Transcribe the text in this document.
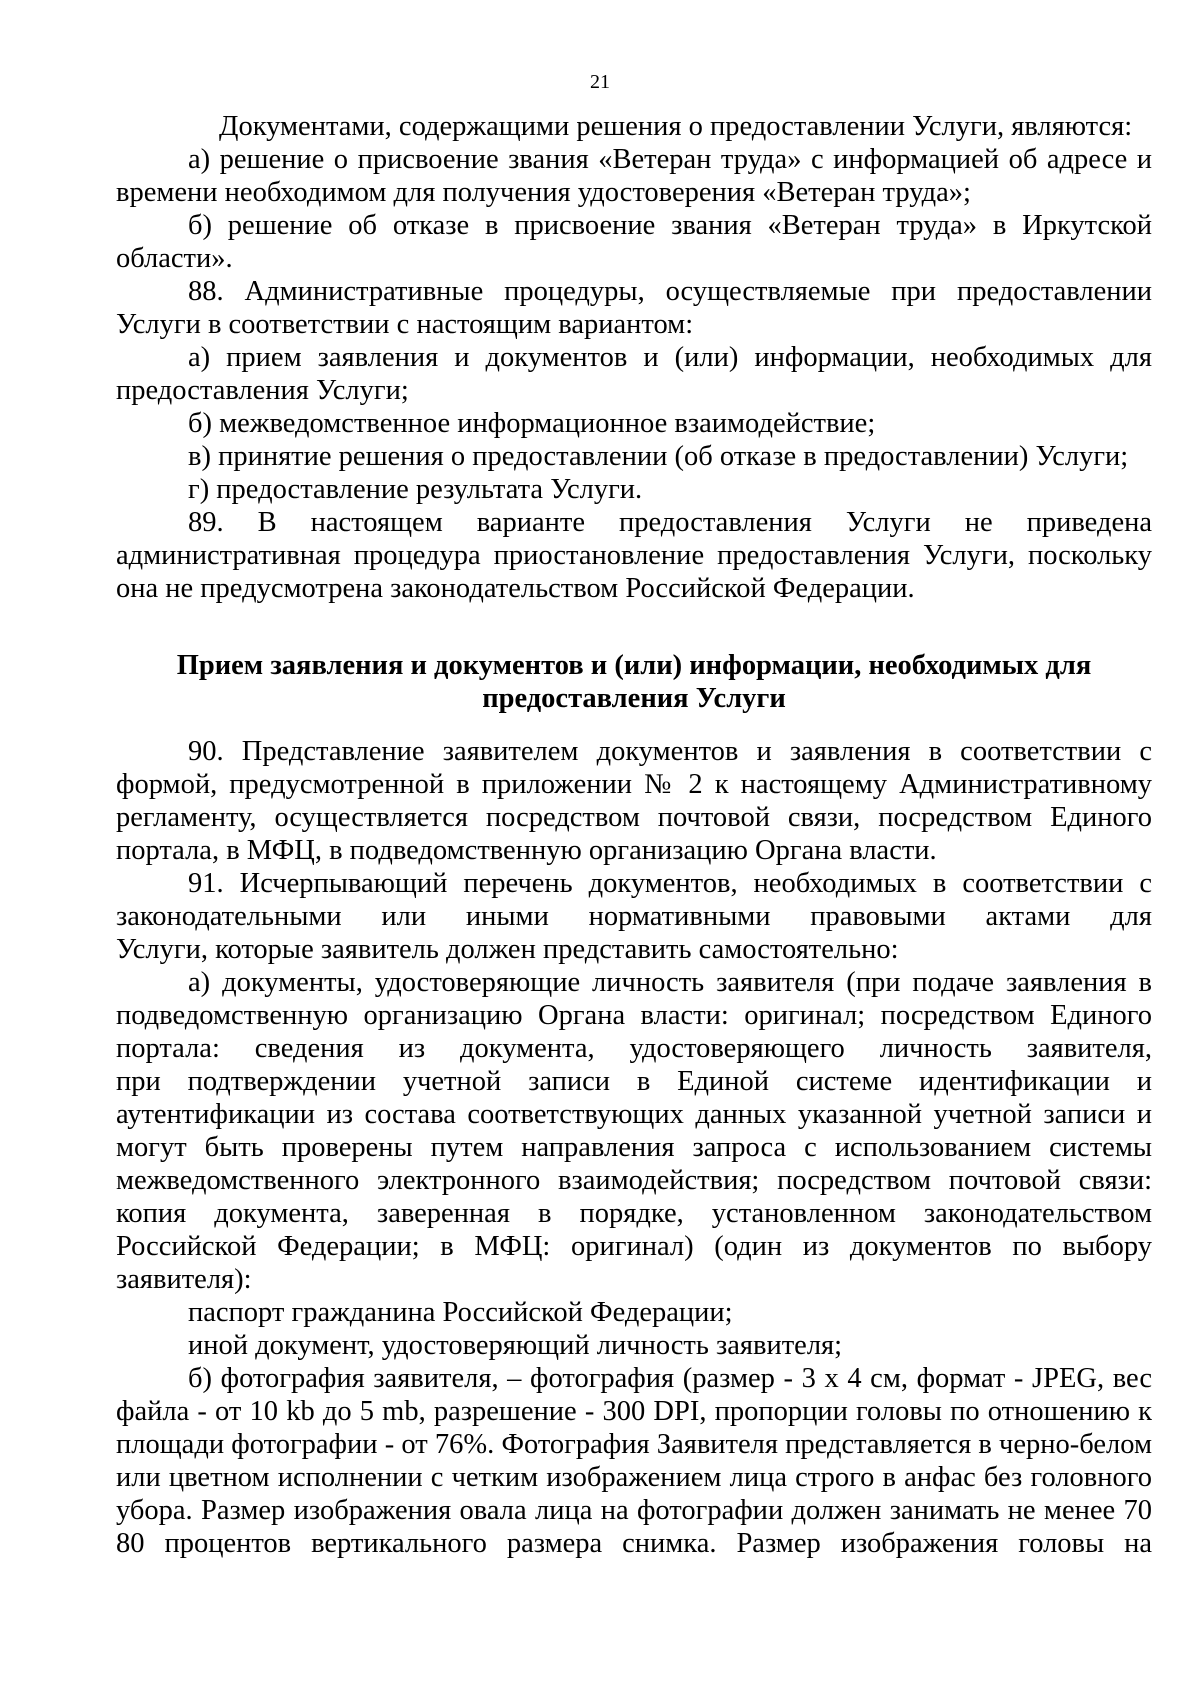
21
Документами, содержащими решения о предоставлении Услуги, являются:
а) решение о присвоение звания «Ветеран труда» с информацией об адресе и
времени необходимом для получения удостоверения «Ветеран труда»;
б) решение об отказе в присвоение звания «Ветеран труда» в Иркутской
области».
88. Административные процедуры, осуществляемые при предоставлении
Услуги в соответствии с настоящим вариантом:
а) прием заявления и документов и (или) информации, необходимых для
предоставления Услуги;
б) межведомственное информационное взаимодействие;
в) принятие решения о предоставлении (об отказе в предоставлении) Услуги;
г) предоставление результата Услуги.
89. В настоящем варианте предоставления Услуги не приведена
административная процедура приостановление предоставления Услуги, поскольку
она не предусмотрена законодательством Российской Федерации.
Прием заявления и документов и (или) информации, необходимых для
предоставления Услуги
90. Представление заявителем документов и заявления в соответствии с
формой, предусмотренной в приложении № 2 к настоящему Административному
регламенту, осуществляется посредством почтовой связи, посредством Единого
портала, в МФЦ, в подведомственную организацию Органа власти.
91. Исчерпывающий перечень документов, необходимых в соответствии с
законодательными или иными нормативными правовыми актами для
Услуги, которые заявитель должен представить самостоятельно:
а) документы, удостоверяющие личность заявителя (при подаче заявления в
подведомственную организацию Органа власти: оригинал; посредством Единого
портала: сведения из документа, удостоверяющего личность заявителя,
при подтверждении учетной записи в Единой системе идентификации и
аутентификации из состава соответствующих данных указанной учетной записи и
могут быть проверены путем направления запроса с использованием системы
межведомственного электронного взаимодействия; посредством почтовой связи:
копия документа, заверенная в порядке, установленном законодательством
Российской Федерации; в МФЦ: оригинал) (один из документов по выбору
заявителя):
паспорт гражданина Российской Федерации;
иной документ, удостоверяющий личность заявителя;
б) фотография заявителя, – фотография (размер - 3 х 4 см, формат - JPEG, вес
файла - от 10 kb до 5 mb, разрешение - 300 DPI, пропорции головы по отношению к
площади фотографии - от 76%. Фотография Заявителя представляется в черно-белом
или цветном исполнении с четким изображением лица строго в анфас без головного
убора. Размер изображения овала лица на фотографии должен занимать не менее 70
80 процентов вертикального размера снимка. Размер изображения головы на
